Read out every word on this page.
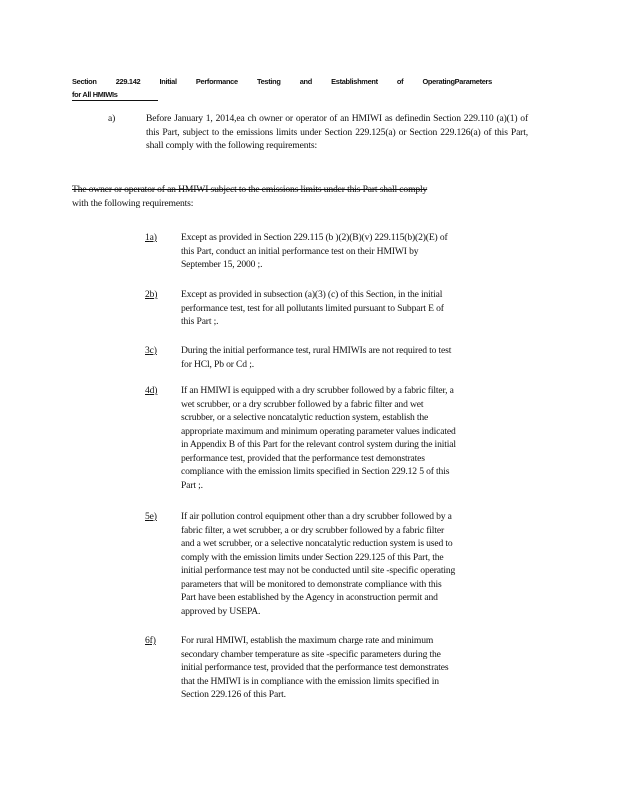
Section	229.142	Initial	Performance	Testing	and	Establishment	of	OperatingParameters
for All HMIWIs
a)	Before January 1, 2014,ea ch owner or operator of an HMIWI as definedin Section 229.110 (a)(1) of this Part, subject to the emissions limits under Section 229.125(a) or Section 229.126(a) of this Part, shall comply with the following requirements:
The owner or operator of an HMIWI subject to the emissions limits under this Part shall comply
with the following requirements:
1a)	Except as provided in Section 229.115 (b )(2)(B)(v) 229.115(b)(2)(E) of
this Part, conduct an initial performance test on their HMIWI by
September 15, 2000 ;.
2b) Except as provided in subsection (a)(3) (c) of this Section, in the initial
performance test, test for all pollutants limited pursuant to Subpart E of
this Part ;.
3c)	During the initial performance test, rural HMIWIs are not required to test
for HCl, Pb or Cd ;.
4d) If an HMIWI is equipped with a dry scrubber followed by a fabric filter, a
wet scrubber, or a dry scrubber followed by a fabric filter and wet
scrubber, or a selective noncatalytic reduction system, establish the
appropriate maximum and minimum operating parameter values indicated
in Appendix B of this Part for the relevant control system during the initial
performance test, provided that the performance test demonstrates
compliance with the emission limits specified in Section 229.12 5 of this
Part ;.
5e)	If air pollution control equipment other than a dry scrubber followed by a
fabric filter, a wet scrubber, a or dry scrubber followed by a fabric filter
and a wet scrubber, or a selective noncatalytic reduction system is used to
comply with the emission limits under Section 229.125 of this Part, the
initial performance test may not be conducted until site -specific operating
parameters that will be monitored to demonstrate compliance with this
Part have been established by the Agency in aconstruction permit and
approved by USEPA.
6f)	For rural HMIWI, establish the maximum charge rate and minimum
secondary chamber temperature as site -specific parameters during the
initial performance test, provided that the performance test demonstrates
that the HMIWI is in compliance with the emission limits specified in
Section 229.126 of this Part.
